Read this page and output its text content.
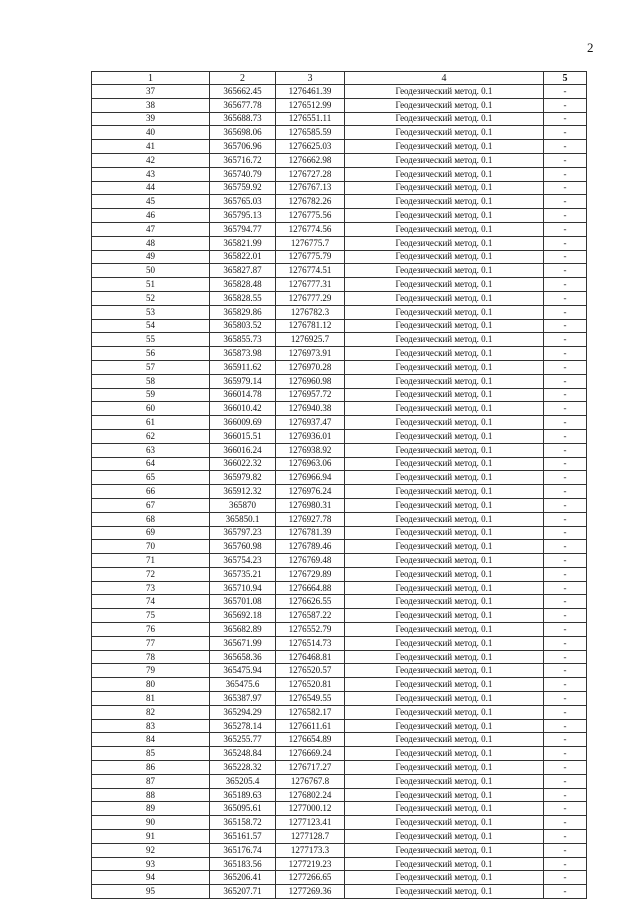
2
1	2	3	4	5
37	365662.45	1276461.39	Геодезический метод. 0.1	-
38	365677.78	1276512.99	Геодезический метод. 0.1	-
39	365688.73	1276551.11	Геодезический метод. 0.1	-
40	365698.06	1276585.59	Геодезический метод. 0.1	-
41	365706.96	1276625.03	Геодезический метод. 0.1	-
42	365716.72	1276662.98	Геодезический метод. 0.1	-
43	365740.79	1276727.28	Геодезический метод. 0.1	-
44	365759.92	1276767.13	Геодезический метод. 0.1	-
45	365765.03	1276782.26	Геодезический метод. 0.1	-
46	365795.13	1276775.56	Геодезический метод. 0.1	-
47	365794.77	1276774.56	Геодезический метод. 0.1	-
48	365821.99	1276775.7	Геодезический метод. 0.1	-
49	365822.01	1276775.79	Геодезический метод. 0.1	-
50	365827.87	1276774.51	Геодезический метод. 0.1	-
51	365828.48	1276777.31	Геодезический метод. 0.1	-
52	365828.55	1276777.29	Геодезический метод. 0.1	-
53	365829.86	1276782.3	Геодезический метод. 0.1	-
54	365803.52	1276781.12	Геодезический метод. 0.1	-
55	365855.73	1276925.7	Геодезический метод. 0.1	-
56	365873.98	1276973.91	Геодезический метод. 0.1	-
57	365911.62	1276970.28	Геодезический метод. 0.1	-
58	365979.14	1276960.98	Геодезический метод. 0.1	-
59	366014.78	1276957.72	Геодезический метод. 0.1	-
60	366010.42	1276940.38	Геодезический метод. 0.1	-
61	366009.69	1276937.47	Геодезический метод. 0.1	-
62	366015.51	1276936.01	Геодезический метод. 0.1	-
63	366016.24	1276938.92	Геодезический метод. 0.1	-
64	366022.32	1276963.06	Геодезический метод. 0.1	-
65	365979.82	1276966.94	Геодезический метод. 0.1	-
66	365912.32	1276976.24	Геодезический метод. 0.1	-
67	365870	1276980.31	Геодезический метод. 0.1	-
68	365850.1	1276927.78	Геодезический метод. 0.1	-
69	365797.23	1276781.39	Геодезический метод. 0.1	-
70	365760.98	1276789.46	Геодезический метод. 0.1	-
71	365754.23	1276769.48	Геодезический метод. 0.1	-
72	365735.21	1276729.89	Геодезический метод. 0.1	-
73	365710.94	1276664.88	Геодезический метод. 0.1	-
74	365701.08	1276626.55	Геодезический метод. 0.1	-
75	365692.18	1276587.22	Геодезический метод. 0.1	-
76	365682.89	1276552.79	Геодезический метод. 0.1	-
77	365671.99	1276514.73	Геодезический метод. 0.1	-
78	365658.36	1276468.81	Геодезический метод. 0.1	-
79	365475.94	1276520.57	Геодезический метод. 0.1	-
80	365475.6	1276520.81	Геодезический метод. 0.1	-
81	365387.97	1276549.55	Геодезический метод. 0.1	-
82	365294.29	1276582.17	Геодезический метод. 0.1	-
83	365278.14	1276611.61	Геодезический метод. 0.1	-
84	365255.77	1276654.89	Геодезический метод. 0.1	-
85	365248.84	1276669.24	Геодезический метод. 0.1	-
86	365228.32	1276717.27	Геодезический метод. 0.1	-
87	365205.4	1276767.8	Геодезический метод. 0.1	-
88	365189.63	1276802.24	Геодезический метод. 0.1	-
89	365095.61	1277000.12	Геодезический метод. 0.1	-
90	365158.72	1277123.41	Геодезический метод. 0.1	-
91	365161.57	1277128.7	Геодезический метод. 0.1	-
92	365176.74	1277173.3	Геодезический метод. 0.1	-
93	365183.56	1277219.23	Геодезический метод. 0.1	-
94	365206.41	1277266.65	Геодезический метод. 0.1	-
95	365207.71	1277269.36	Геодезический метод. 0.1	-
